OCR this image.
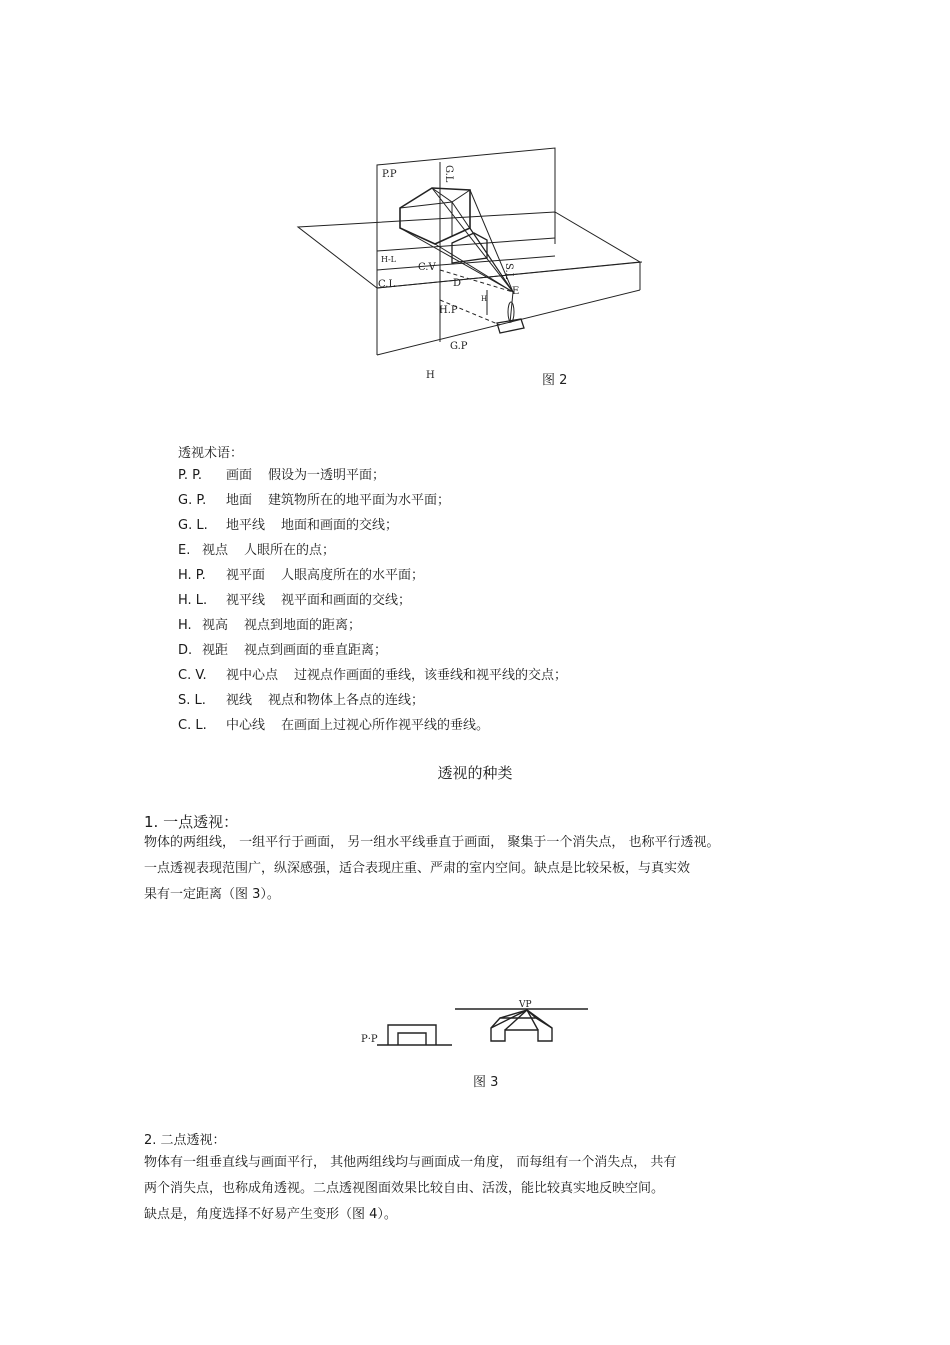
P.P	G.L
H-L
C.V
C.L	D
S.L
E
H.P
H
G.P
H	图 2
透视术语：
P. P. 画面 假设为一透明平面；
G. P. 地面 建筑物所在的地平面为水平面；
G. L. 地平线 地面和画面的交线；
E. 视点 人眼所在的点；
H. P. 视平面 人眼高度所在的水平面；
H. L. 视平线 视平面和画面的交线；
H. 视高 视点到地面的距离；
D. 视距 视点到画面的垂直距离；
C. V. 视中心点 过视点作画面的垂线，该垂线和视平线的交点；
S. L. 视线 视点和物体上各点的连线；
C. L. 中心线 在画面上过视心所作视平线的垂线。
透视的种类
1. 一点透视：
物体的两组线， 一组平行于画面， 另一组水平线垂直于画面， 聚集于一个消失点， 也称平行透视。
一点透视表现范围广，纵深感强，适合表现庄重、严肃的室内空间。缺点是比较呆板，与真实效
果有一定距离（图 3）。
P·P
VP
图 3
2. 二点透视：
物体有一组垂直线与画面平行， 其他两组线均与画面成一角度， 而每组有一个消失点， 共有
两个消失点，也称成角透视。二点透视图面效果比较自由、活泼，能比较真实地反映空间。
缺点是，角度选择不好易产生变形（图 4）。
